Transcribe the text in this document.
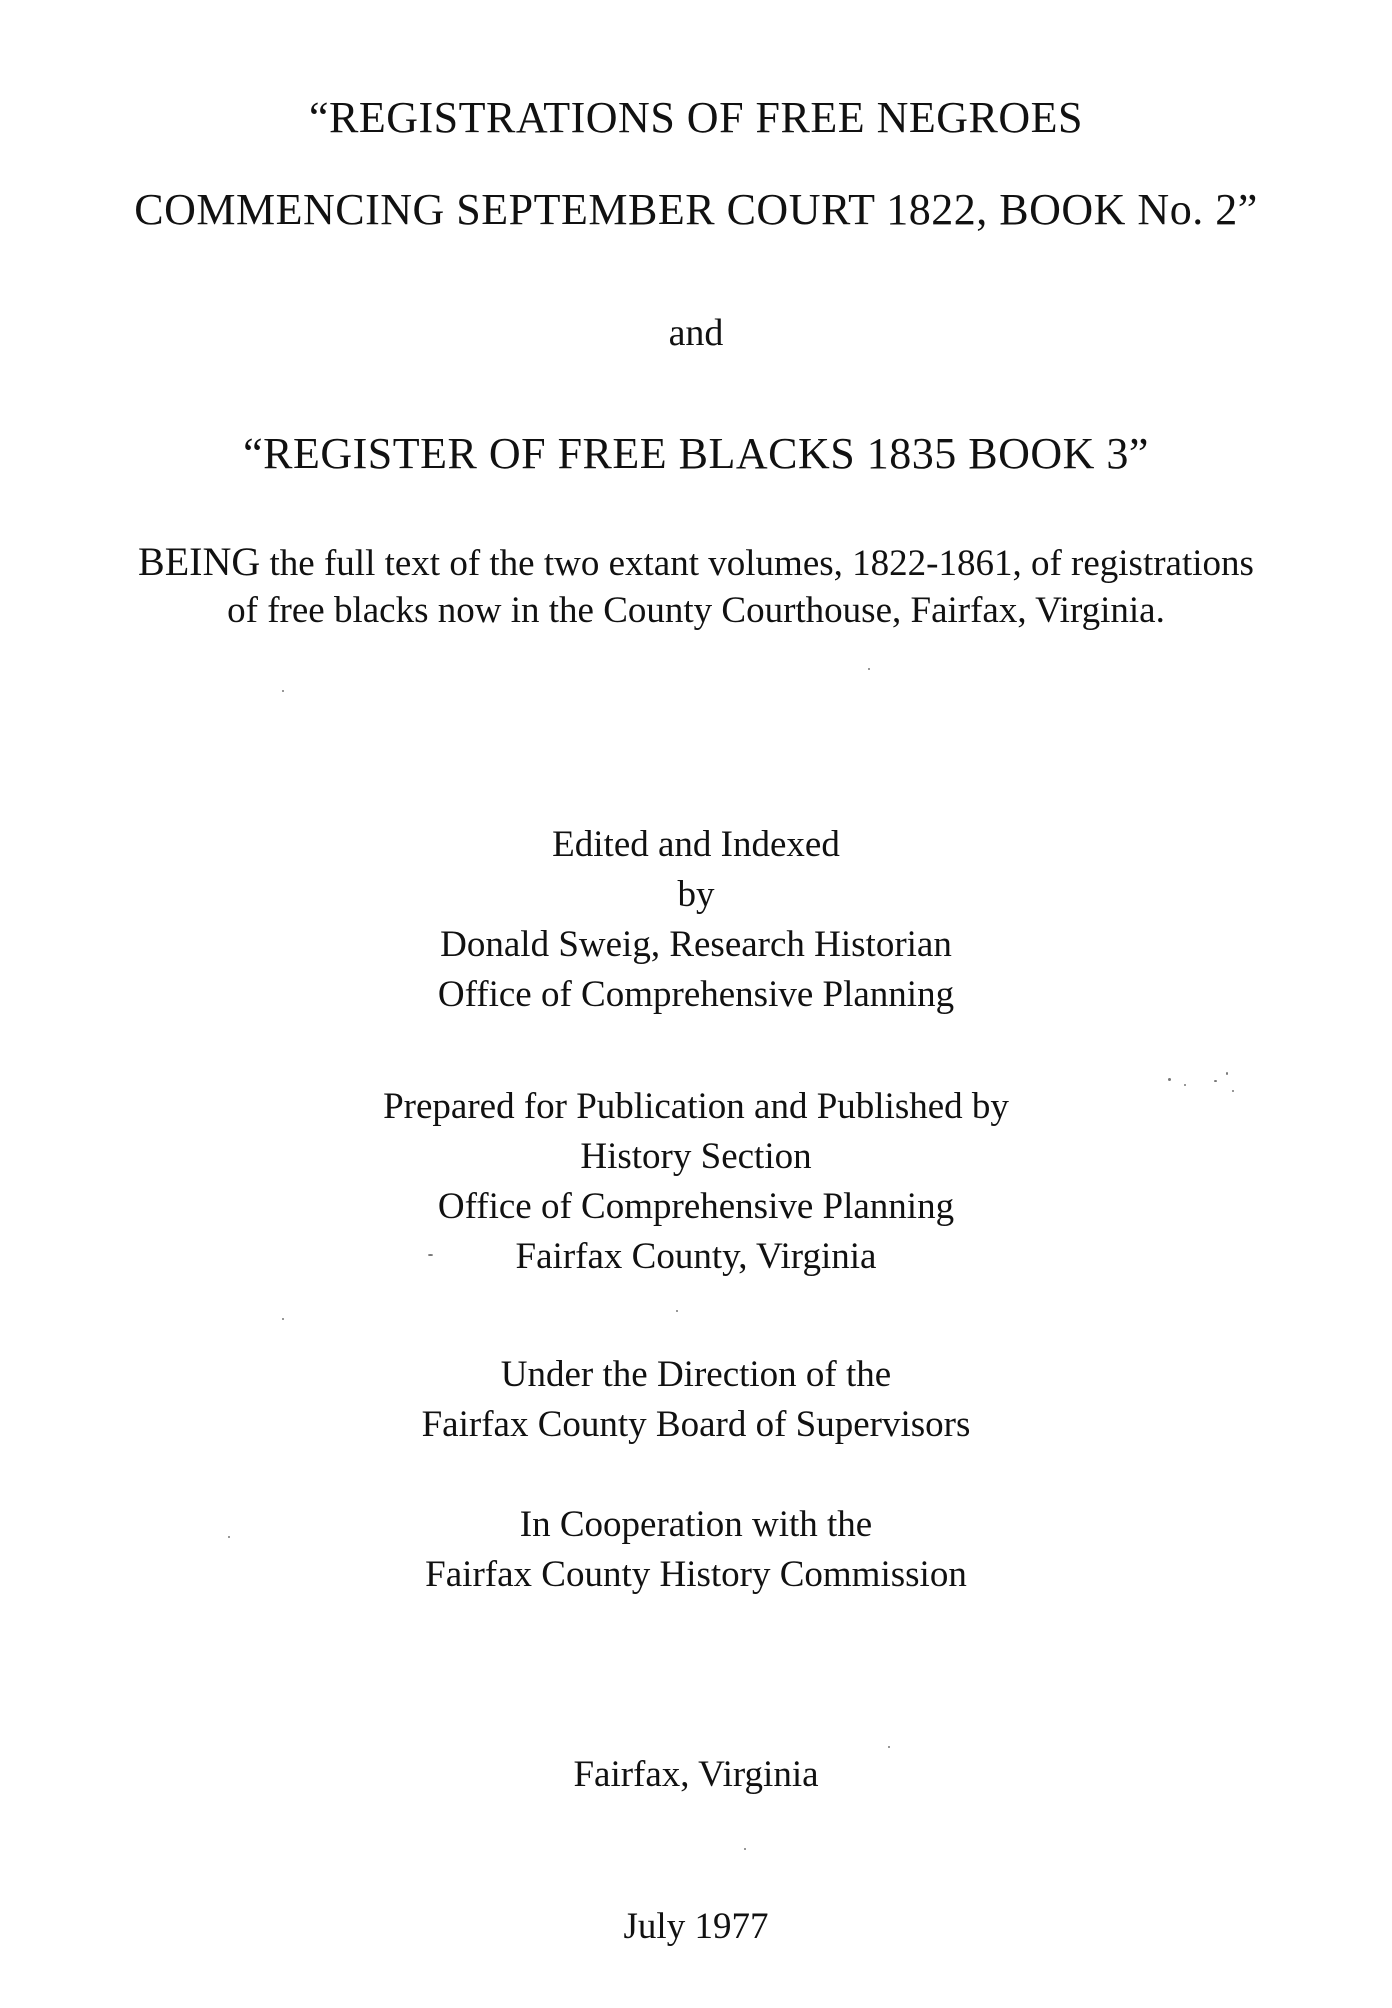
“REGISTRATIONS OF FREE NEGROES
COMMENCING SEPTEMBER COURT 1822, BOOK No. 2”
and
“REGISTER OF FREE BLACKS 1835 BOOK 3”
BEING the full text of the two extant volumes, 1822-1861, of registrations
of free blacks now in the County Courthouse, Fairfax, Virginia.
Edited and Indexed
by
Donald Sweig, Research Historian
Office of Comprehensive Planning
Prepared for Publication and Published by
History Section
Office of Comprehensive Planning
Fairfax County, Virginia
Under the Direction of the
Fairfax County Board of Supervisors
In Cooperation with the
Fairfax County History Commission
Fairfax, Virginia
July 1977
